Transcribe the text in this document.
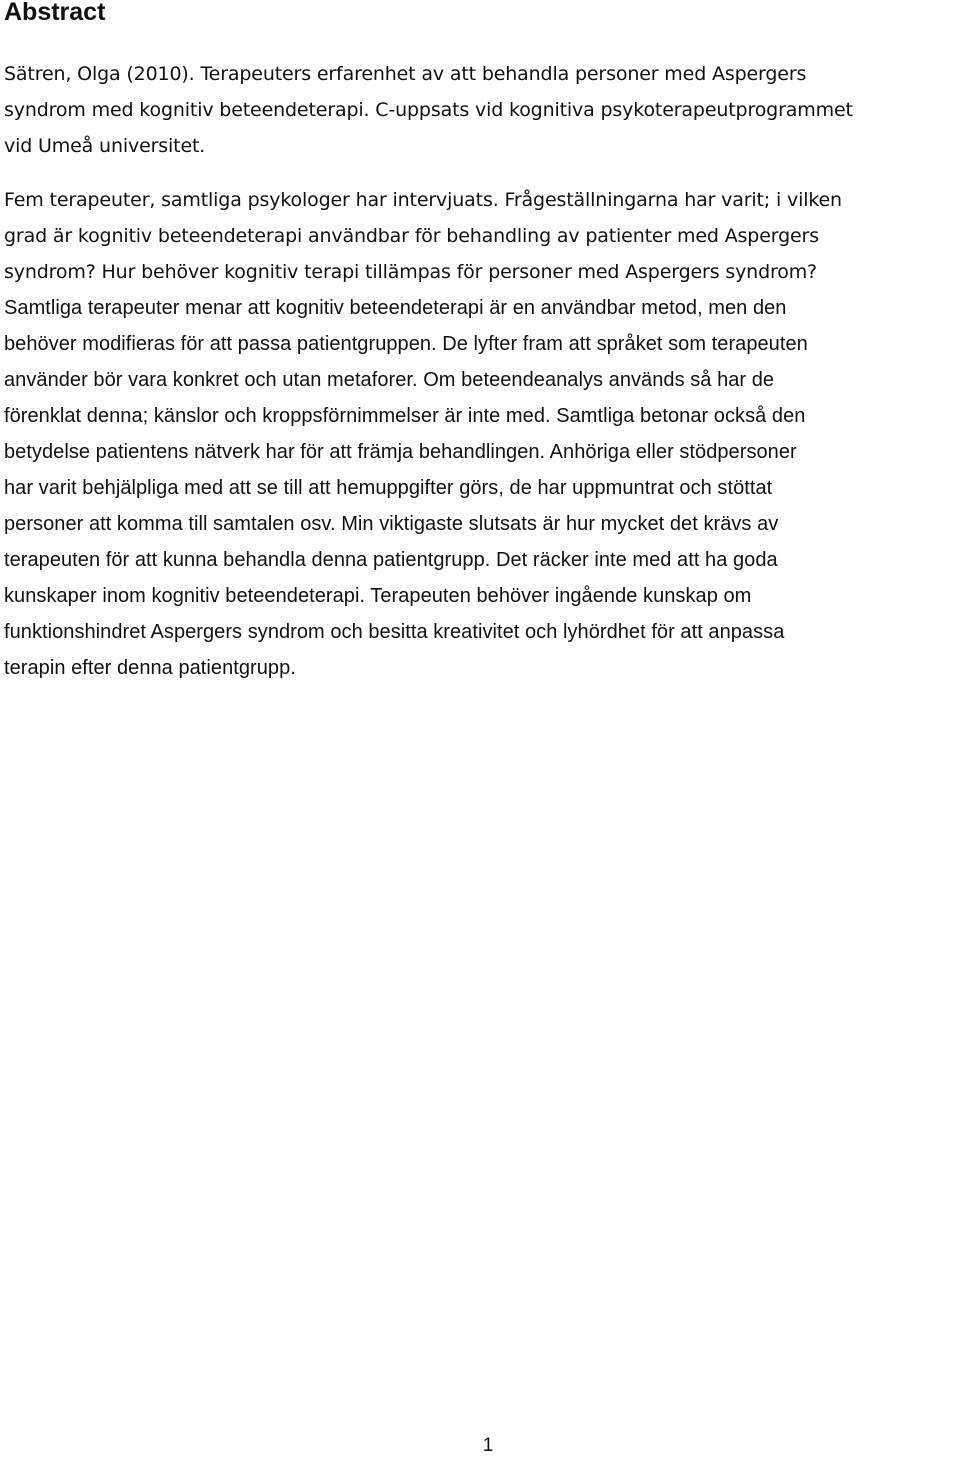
Abstract

Sätren, Olga (2010). Terapeuters erfarenhet av att behandla personer med Aspergers
syndrom med kognitiv beteendeterapi. C-uppsats vid kognitiva psykoterapeutprogrammet
vid Umeå universitet.

Fem terapeuter, samtliga psykologer har intervjuats. Frågeställningarna har varit; i vilken
grad är kognitiv beteendeterapi användbar för behandling av patienter med Aspergers
syndrom? Hur behöver kognitiv terapi tillämpas för personer med Aspergers syndrom?
Samtliga terapeuter menar att kognitiv beteendeterapi är en användbar metod, men den
behöver modifieras för att passa patientgruppen. De lyfter fram att språket som terapeuten
använder bör vara konkret och utan metaforer. Om beteendeanalys används så har de
förenklat denna; känslor och kroppsförnimmelser är inte med. Samtliga betonar också den
betydelse patientens nätverk har för att främja behandlingen. Anhöriga eller stödpersoner
har varit behjälpliga med att se till att hemuppgifter görs, de har uppmuntrat och stöttat
personer att komma till samtalen osv. Min viktigaste slutsats är hur mycket det krävs av
terapeuten för att kunna behandla denna patientgrupp. Det räcker inte med att ha goda
kunskaper inom kognitiv beteendeterapi. Terapeuten behöver ingående kunskap om
funktionshindret Aspergers syndrom och besitta kreativitet och lyhördhet för att anpassa
terapin efter denna patientgrupp.

1
